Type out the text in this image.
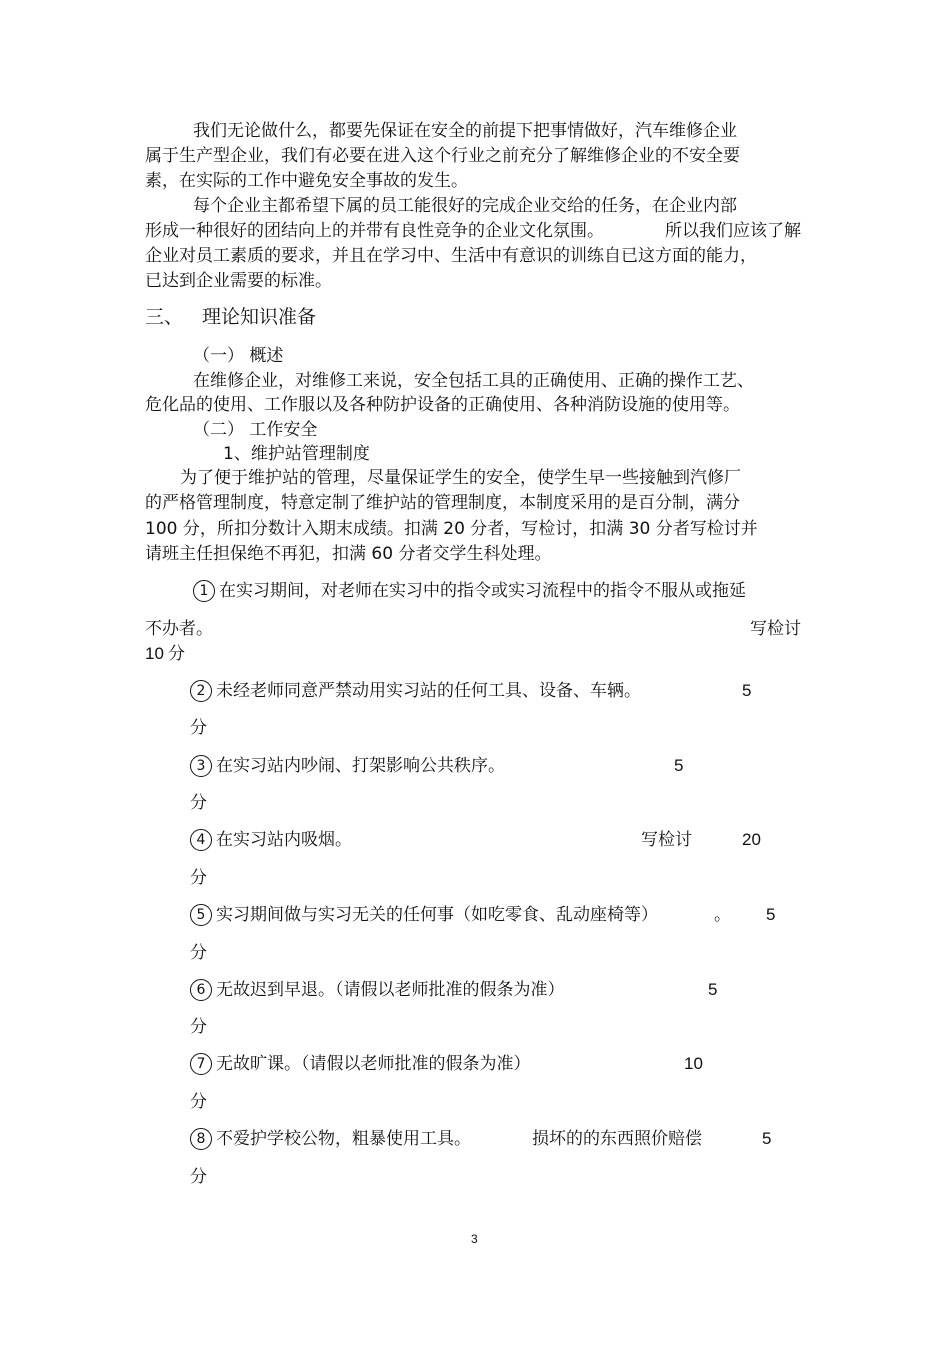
我们无论做什么，都要先保证在安全的前提下把事情做好，汽车维修企业
属于生产型企业，我们有必要在进入这个行业之前充分了解维修企业的不安全要
素，在实际的工作中避免安全事故的发生。
每个企业主都希望下属的员工能很好的完成企业交给的任务，在企业内部
形成一种很好的团结向上的并带有良性竞争的企业文化氛围。	所以我们应该了解
企业对员工素质的要求，并且在学习中、生活中有意识的训练自已这方面的能力，
已达到企业需要的标准。
三、 理论知识准备
（一） 概述
在维修企业，对维修工来说，安全包括工具的正确使用、正确的操作工艺、
危化品的使用、工作服以及各种防护设备的正确使用、各种消防设施的使用等。
（二） 工作安全
1、维护站管理制度
为了便于维护站的管理，尽量保证学生的安全，使学生早一些接触到汽修厂
的严格管理制度，特意定制了维护站的管理制度，本制度采用的是百分制，满分
100 分，所扣分数计入期末成绩。扣满 20 分者，写检讨，扣满 30 分者写检讨并
请班主任担保绝不再犯，扣满 60 分者交学生科处理。
1 在实习期间，对老师在实习中的指令或实习流程中的指令不服从或拖延
不办者。	写检讨
10 分
2 未经老师同意严禁动用实习站的任何工具、设备、车辆。	5
分
3 在实习站内吵闹、打架影响公共秩序。	5
分
4 在实习站内吸烟。	写检讨	20
分
5 实习期间做与实习无关的任何事（如吃零食、乱动座椅等）	。 5
分
6 无故迟到早退。（请假以老师批准的假条为准）	5
分
7 无故旷课。（请假以老师批准的假条为准）	10
分
8 不爱护学校公物，粗暴使用工具。	损坏的的东西照价赔偿	5
分
3
